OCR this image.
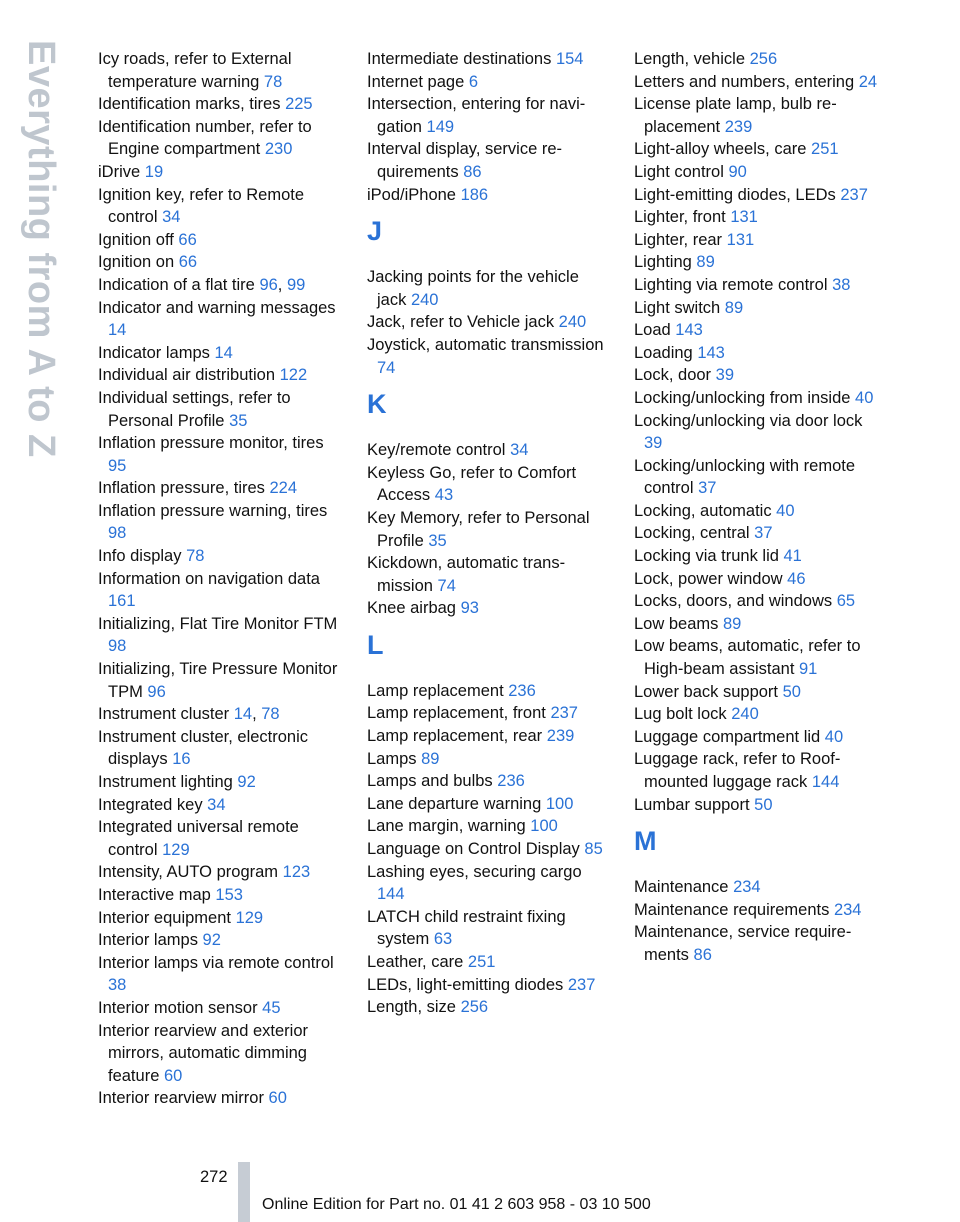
Everything from A to Z Icy roads, refer to External temperature warning 78
Identification marks, tires 225
Identification number, refer to Engine compartment 230
iDrive 19
Ignition key, refer to Remote control 34
Ignition off 66
Ignition on 66
Indication of a flat tire 96, 99
Indicator and warning messages 14
Indicator lamps 14
Individual air distribution 122
Individual settings, refer to Personal Profile 35
Inflation pressure monitor, tires 95
Inflation pressure, tires 224
Inflation pressure warning, tires 98
Info display 78
Information on navigation data 161
Initializing, Flat Tire Monitor FTM 98
Initializing, Tire Pressure Monitor TPM 96
Instrument cluster 14, 78
Instrument cluster, electronic displays 16
Instrument lighting 92
Integrated key 34
Integrated universal remote control 129
Intensity, AUTO program 123
Interactive map 153
Interior equipment 129
Interior lamps 92
Interior lamps via remote control 38
Interior motion sensor 45
Interior rearview and exterior mirrors, automatic dimming feature 60
Interior rearview mirror 60
Intermediate destinations 154
Internet page 6
Intersection, entering for navigation 149
Interval display, service requirements 86
iPod/iPhone 186
J
Jacking points for the vehicle jack 240
Jack, refer to Vehicle jack 240
Joystick, automatic transmission 74
K
Key/remote control 34
Keyless Go, refer to Comfort Access 43
Key Memory, refer to Personal Profile 35
Kickdown, automatic transmission 74
Knee airbag 93
L
Lamp replacement 236
Lamp replacement, front 237
Lamp replacement, rear 239
Lamps 89
Lamps and bulbs 236
Lane departure warning 100
Lane margin, warning 100
Language on Control Display 85
Lashing eyes, securing cargo 144
LATCH child restraint fixing system 63
Leather, care 251
LEDs, light-emitting diodes 237
Length, size 256
Length, vehicle 256
Letters and numbers, entering 24
License plate lamp, bulb replacement 239
Light-alloy wheels, care 251
Light control 90
Light-emitting diodes, LEDs 237
Lighter, front 131
Lighter, rear 131
Lighting 89
Lighting via remote control 38
Light switch 89
Load 143
Loading 143
Lock, door 39
Locking/unlocking from inside 40
Locking/unlocking via door lock 39
Locking/unlocking with remote control 37
Locking, automatic 40
Locking, central 37
Locking via trunk lid 41
Lock, power window 46
Locks, doors, and windows 65
Low beams 89
Low beams, automatic, refer to High-beam assistant 91
Lower back support 50
Lug bolt lock 240
Luggage compartment lid 40
Luggage rack, refer to Roof-mounted luggage rack 144
Lumbar support 50
M
Maintenance 234
Maintenance requirements 234
Maintenance, service requirements 86
272
Online Edition for Part no. 01 41 2 603 958 - 03 10 500
